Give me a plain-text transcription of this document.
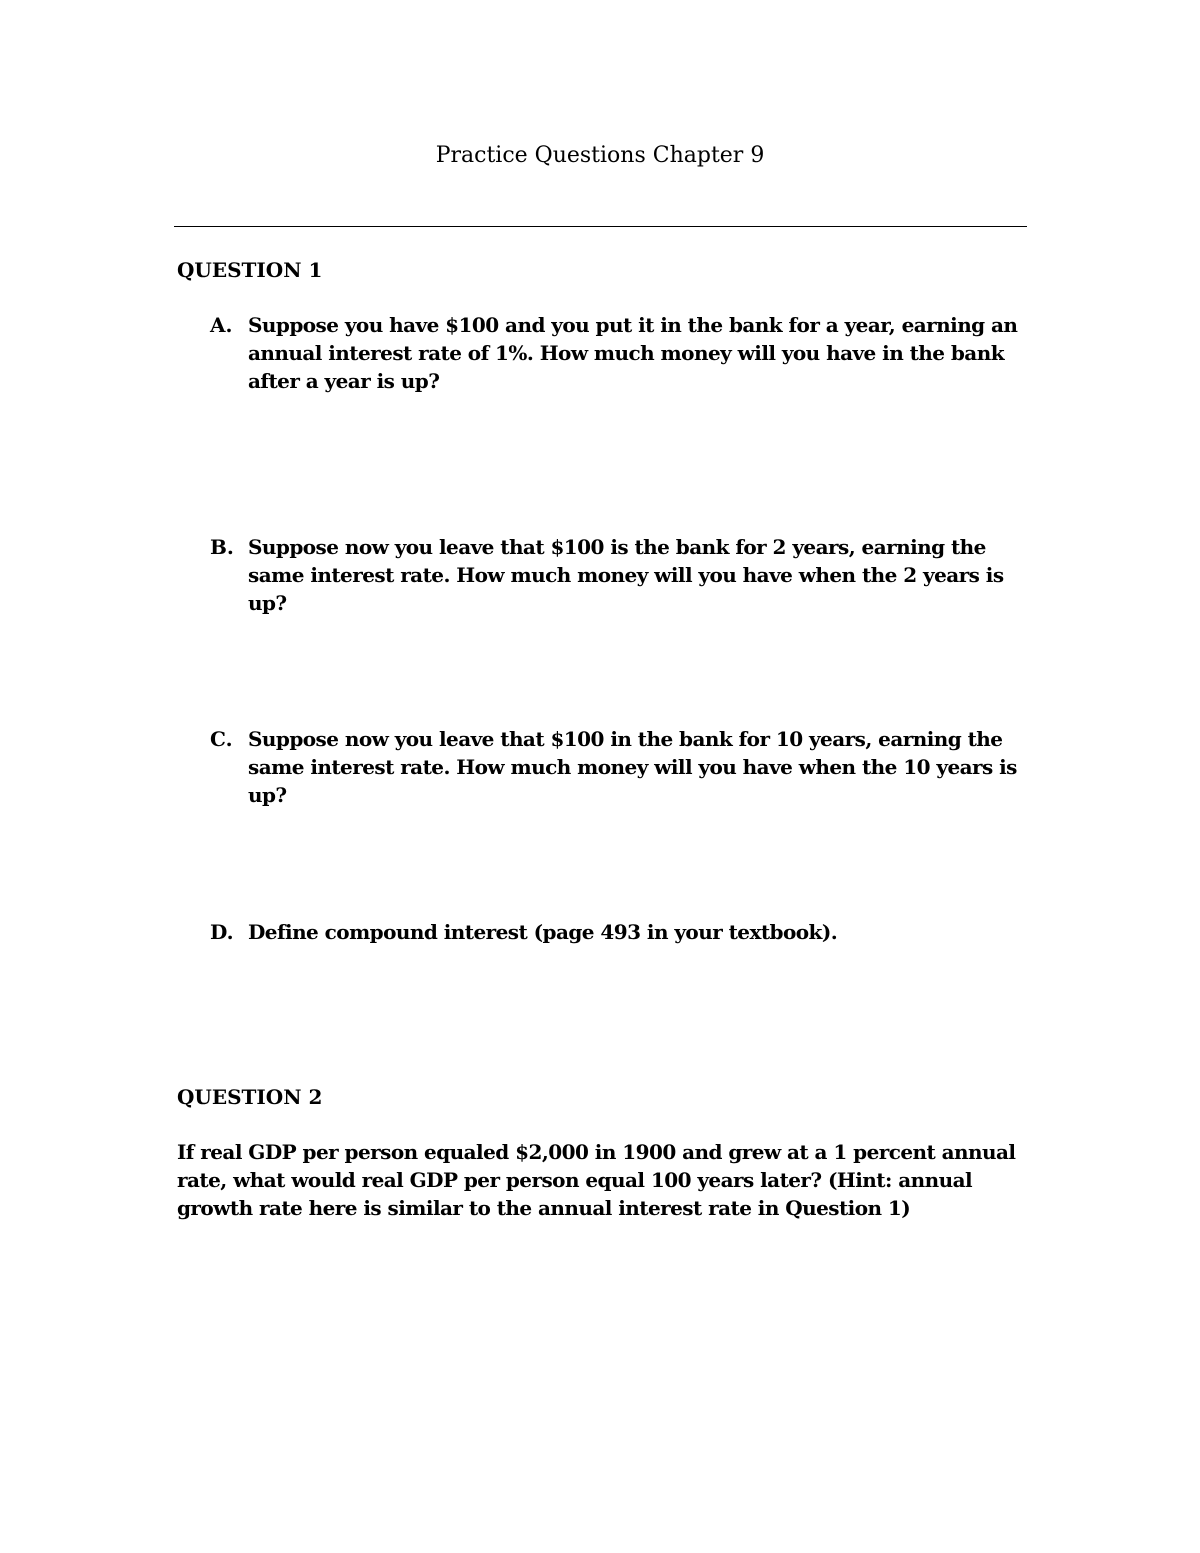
Practice Questions Chapter 9
QUESTION 1
A. Suppose you have $100 and you put it in the bank for a year, earning an annual interest rate of 1%. How much money will you have in the bank after a year is up?
B. Suppose now you leave that $100 is the bank for 2 years, earning the same interest rate. How much money will you have when the 2 years is up?
C. Suppose now you leave that $100 in the bank for 10 years, earning the same interest rate. How much money will you have when the 10 years is up?
D. Define compound interest (page 493 in your textbook).
QUESTION 2
If real GDP per person equaled $2,000 in 1900 and grew at a 1 percent annual rate, what would real GDP per person equal 100 years later? (Hint: annual growth rate here is similar to the annual interest rate in Question 1)
